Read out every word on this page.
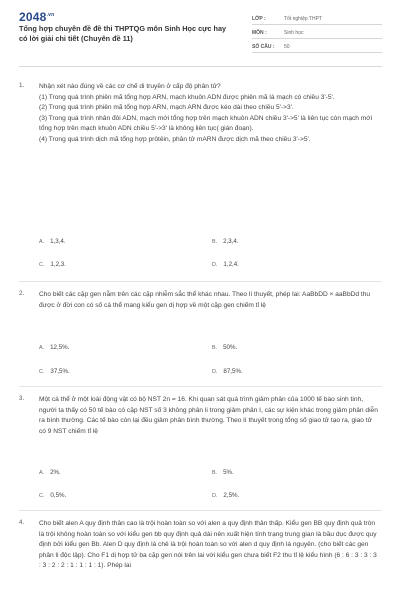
$2048^{.vn}$
Tổng hợp chuyên đề đề thi THPTQG môn Sinh Học cực hay có lời giải chi tiết (Chuyên đề 11)
LỚP :	Tốt nghiệp THPT
MÔN :	Sinh học
SỐ CÂU : 50
1. Nhận xét nào đúng về các cơ chế di truyền ở cấp độ phân tử?

(1) Trong quá trình phiên mã tổng hợp ARN, mạch khuôn ADN được phiên mã là mạch có chiều 3'-5'.

(2) Trong quá trình phiên mã tổng hợp ARN, mạch ARN được kéo dài theo chiều 5'->3'.

(3) Trong quá trình nhân đôi ADN, mạch mới tổng hợp trên mạch khuôn ADN chiều 3'->5' là liên tục còn mạch mới tổng hợp trên mạch khuôn ADN chiều 5'->3' là không liên tục( gián đoạn).

(4) Trong quá trình dịch mã tổng hợp prôtêin, phân tử mARN được dịch mã theo chiều 3'->5'.

A. 1,3,4.	B. 2,3,4.
C. 1,2,3.	D. 1,2,4.
2. Cho biết các cặp gen nằm trên các cặp nhiễm sắc thể khác nhau. Theo lí thuyết, phép lai: AaBbDD × aaBbDd thu được ở đời con có số cá thể mang kiểu gen dị hợp về một cặp gen chiếm tỉ lệ

A. 12,5%.	B. 50%.
C. 37,5%.	D. 87,5%.
3. Một cá thể ở một loài động vật có bộ NST 2n = 16. Khi quan sát quá trình giảm phân của 1000 tế bào sinh tinh, người ta thấy có 50 tế bào có cặp NST số 3 không phân li trong giảm phân I, các sự kiện khác trong giảm phân diễn ra bình thường. Các tế bào còn lại đều giảm phân bình thường. Theo lí thuyết trong tổng số giao tử tạo ra, giao tử có 9 NST chiếm tỉ lệ

A. 2%.	B. 5%.
C. 0,5%.	D. 2,5%.
4. Cho biết alen A quy định thân cao là trội hoàn toàn so với alen a quy định thân thấp. Kiểu gen BB quy định quả tròn là trội không hoàn toàn so với kiểu gen bb quy định quả dài nên xuất hiện tính trạng trung gian là bầu dục được quy định bởi kiểu gen Bb. Alen D quy định lá chẻ là trội hoàn toàn so với alen d quy định lá nguyên. (cho biết các gen phân li độc lập). Cho F1 dị hợp tử ba cặp gen nói trên lai với kiểu gen chưa biết F2 thu tỉ lệ kiểu hình (6 : 6 : 3 : 3 : 3 : 3 : 2 : 2 : 1 : 1 : 1 : 1). Phép lai
